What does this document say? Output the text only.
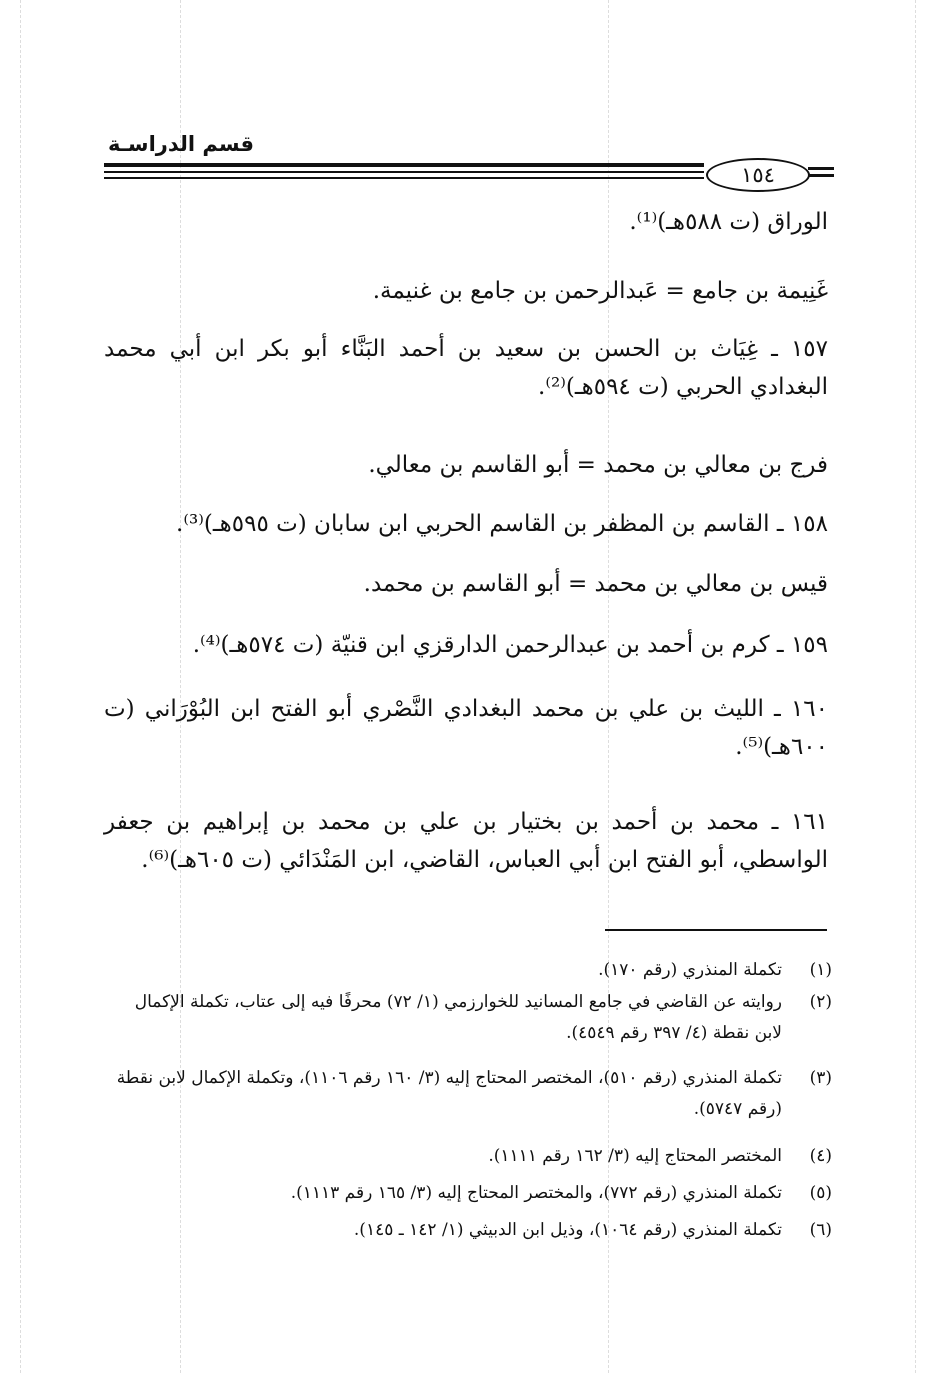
قسم الدراسـة
١٥٤
الوراق (ت ٥٨٨هـ)⁽¹⁾.
غَنِيمة بن جامع = عَبدالرحمن بن جامع بن غنيمة.
١٥٧ ـ غِيَاث بن الحسن بن سعيد بن أحمد البَنَّاء أبو بكر ابن أبي محمد البغدادي الحربي (ت ٥٩٤هـ)⁽²⁾.
فرج بن معالي بن محمد = أبو القاسم بن معالي.
١٥٨ ـ القاسم بن المظفر بن القاسم الحربي ابن سابان (ت ٥٩٥هـ)⁽³⁾.
قيس بن معالي بن محمد = أبو القاسم بن محمد.
١٥٩ ـ كرم بن أحمد بن عبدالرحمن الدارقزي ابن قنيّة (ت ٥٧٤هـ)⁽⁴⁾.
١٦٠ ـ الليث بن علي بن محمد البغدادي النَّصْري أبو الفتح ابن البُوْرَاني (ت ٦٠٠هـ)⁽⁵⁾.
١٦١ ـ محمد بن أحمد بن بختيار بن علي بن محمد بن إبراهيم بن جعفر الواسطي، أبو الفتح ابن أبي العباس، القاضي، ابن المَنْدَائي (ت ٦٠٥هـ)⁽⁶⁾.
(١)
تكملة المنذري (رقم ١٧٠).
(٢)
روايته عن القاضي في جامع المسانيد للخوارزمي (١/ ٧٢) محرفًا فيه إلى عتاب، تكملة الإكمال لابن نقطة (٤/ ٣٩٧ رقم ٤٥٤٩).
(٣)
تكملة المنذري (رقم ٥١٠)، المختصر المحتاج إليه (٣/ ١٦٠ رقم ١١٠٦)، وتكملة الإكمال لابن نقطة (رقم ٥٧٤٧).
(٤)
المختصر المحتاج إليه (٣/ ١٦٢ رقم ١١١١).
(٥)
تكملة المنذري (رقم ٧٧٢)، والمختصر المحتاج إليه (٣/ ١٦٥ رقم ١١١٣).
(٦)
تكملة المنذري (رقم ١٠٦٤)، وذيل ابن الدبيثي (١/ ١٤٢ ـ ١٤٥).
